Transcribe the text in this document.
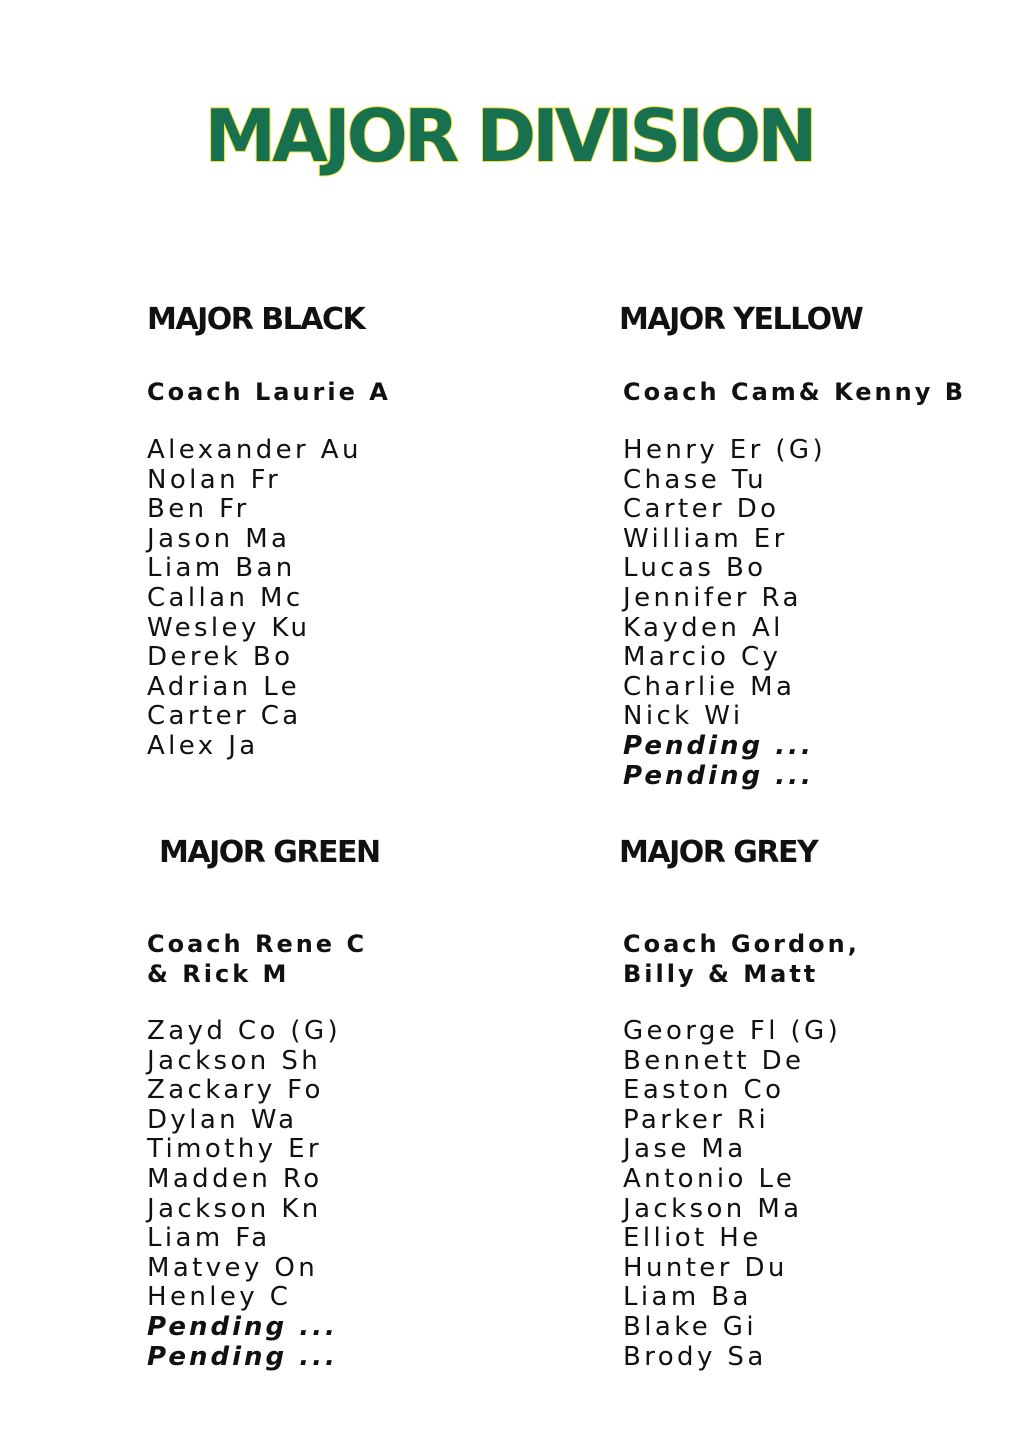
MAJOR DIVISION
MAJOR BLACK
Coach Laurie A
Alexander Au
Nolan Fr
Ben Fr
Jason Ma
Liam Ban
Callan Mc
Wesley Ku
Derek Bo
Adrian Le
Carter Ca
Alex Ja
MAJOR YELLOW
Coach Cam& Kenny B
Henry Er (G)
Chase Tu
Carter Do
William Er
Lucas Bo
Jennifer Ra
Kayden Al
Marcio Cy
Charlie Ma
Nick Wi
Pending ...
Pending ...
MAJOR GREEN
Coach Rene C
& Rick M
Zayd Co (G)
Jackson Sh
Zackary Fo
Dylan Wa
Timothy Er
Madden Ro
Jackson Kn
Liam Fa
Matvey On
Henley C
Pending ...
Pending ...
MAJOR GREY
Coach Gordon,
Billy & Matt
George Fl (G)
Bennett De
Easton Co
Parker Ri
Jase Ma
Antonio Le
Jackson Ma
Elliot He
Hunter Du
Liam Ba
Blake Gi
Brody Sa
